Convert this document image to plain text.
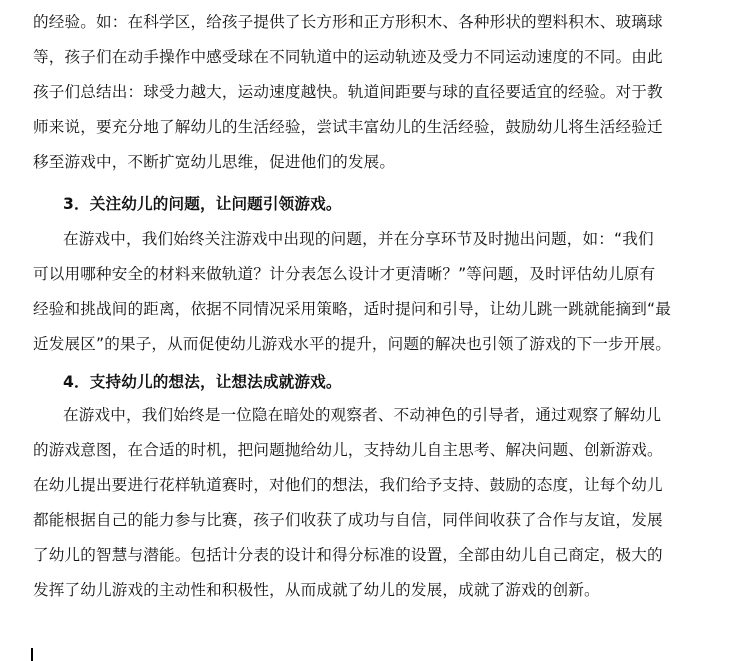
的经验。如：在科学区，给孩子提供了长方形和正方形积木、各种形状的塑料积木、玻璃球
等，孩子们在动手操作中感受球在不同轨道中的运动轨迹及受力不同运动速度的不同。由此
孩子们总结出：球受力越大，运动速度越快。轨道间距要与球的直径要适宜的经验。对于教
师来说，要充分地了解幼儿的生活经验，尝试丰富幼儿的生活经验，鼓励幼儿将生活经验迁
移至游戏中，不断扩宽幼儿思维，促进他们的发展。
3．关注幼儿的问题，让问题引领游戏。
在游戏中，我们始终关注游戏中出现的问题，并在分享环节及时抛出问题，如：“我们
可以用哪种安全的材料来做轨道？计分表怎么设计才更清晰？”等问题，及时评估幼儿原有
经验和挑战间的距离，依据不同情况采用策略，适时提问和引导，让幼儿跳一跳就能摘到“最
近发展区”的果子，从而促使幼儿游戏水平的提升，问题的解决也引领了游戏的下一步开展。
4．支持幼儿的想法，让想法成就游戏。
在游戏中，我们始终是一位隐在暗处的观察者、不动神色的引导者，通过观察了解幼儿
的游戏意图，在合适的时机，把问题抛给幼儿，支持幼儿自主思考、解决问题、创新游戏。
在幼儿提出要进行花样轨道赛时，对他们的想法，我们给予支持、鼓励的态度，让每个幼儿
都能根据自己的能力参与比赛，孩子们收获了成功与自信，同伴间收获了合作与友谊，发展
了幼儿的智慧与潜能。包括计分表的设计和得分标准的设置，全部由幼儿自己商定，极大的
发挥了幼儿游戏的主动性和积极性，从而成就了幼儿的发展，成就了游戏的创新。
